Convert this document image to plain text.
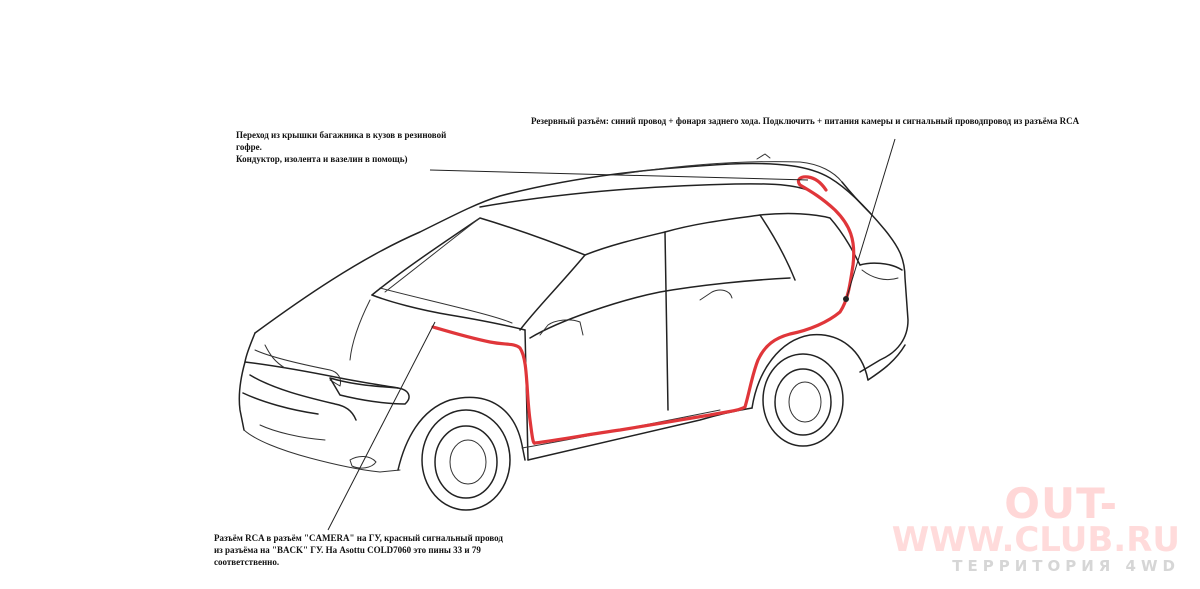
Переход из крышки багажника в кузов в резиновой
гофре.
Кондуктор, изолента и вазелин в помощь)
Резервный разъём: синий провод + фонаря заднего хода. Подключить + питания камеры и сигнальный проводпровод из разъёма RCA
Разъём RCA в разъём "CAMERA" на ГУ, красный сигнальный провод
из разъёма на "BACK" ГУ. На Asottu COLD7060 это пины 33 и 79
соответственно.
OUT-
WWW.CLUB.RU
ТЕРРИТОРИЯ 4WD
